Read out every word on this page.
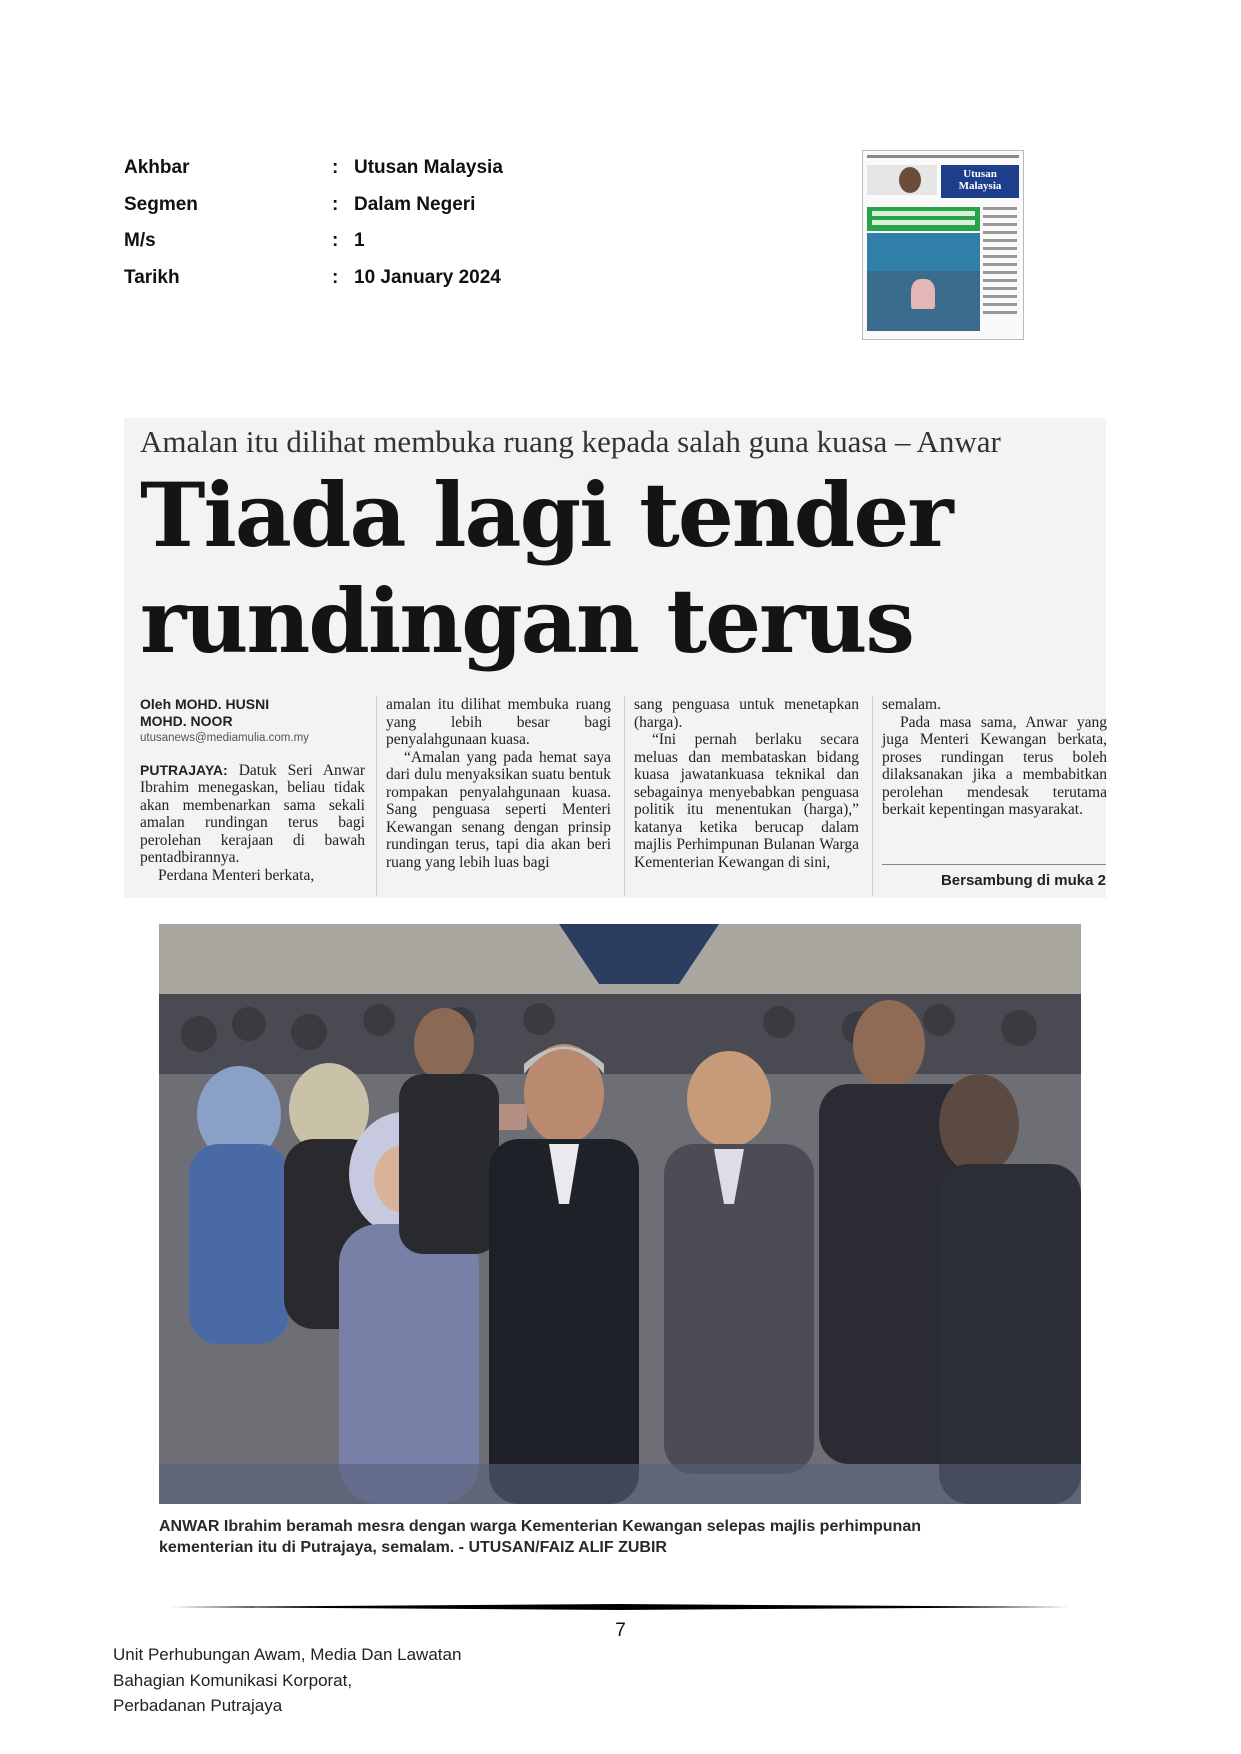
Akhbar	: Utusan Malaysia
Segmen	: Dalam Negeri
M/s	: 1
Tarikh	: 10 January 2024
Utusan Malaysia
Amalan itu dilihat membuka ruang kepada salah guna kuasa – Anwar
Tiada lagi tender
rundingan terus
Oleh MOHD. HUSNI
MOHD. NOOR
utusanews@mediamulia.com.my

PUTRAJAYA: Datuk Seri Anwar Ibrahim menegaskan, beliau tidak akan membenarkan sama sekali amalan rundingan terus bagi perolehan kerajaan di bawah pentadbirannya.

Perdana Menteri berkata,

amalan itu dilihat membuka ruang yang lebih besar bagi penyalahgunaan kuasa.

“Amalan yang pada hemat saya dari dulu menyaksikan suatu bentuk rompakan penyalahgunaan kuasa. Sang penguasa seperti Menteri Kewangan senang dengan prinsip rundingan terus, tapi dia akan beri ruang yang lebih luas bagi

sang penguasa untuk menetapkan (harga).

“Ini pernah berlaku secara meluas dan membataskan bidang kuasa jawatankuasa teknikal dan sebagainya menyebabkan penguasa politik itu menentukan (harga),” katanya ketika berucap dalam majlis Perhimpunan Bulanan Warga Kementerian Kewangan di sini,

semalam.

Pada masa sama, Anwar yang juga Menteri Kewangan berkata, proses rundingan terus boleh dilaksanakan jika a membabitkan perolehan mendesak terutama berkait kepentingan masyarakat.

Bersambung di muka 2
ANWAR Ibrahim beramah mesra dengan warga Kementerian Kewangan selepas majlis perhimpunan
kementerian itu di Putrajaya, semalam. - UTUSAN/FAIZ ALIF ZUBIR
7
Unit Perhubungan Awam, Media Dan Lawatan
Bahagian Komunikasi Korporat,
Perbadanan Putrajaya
